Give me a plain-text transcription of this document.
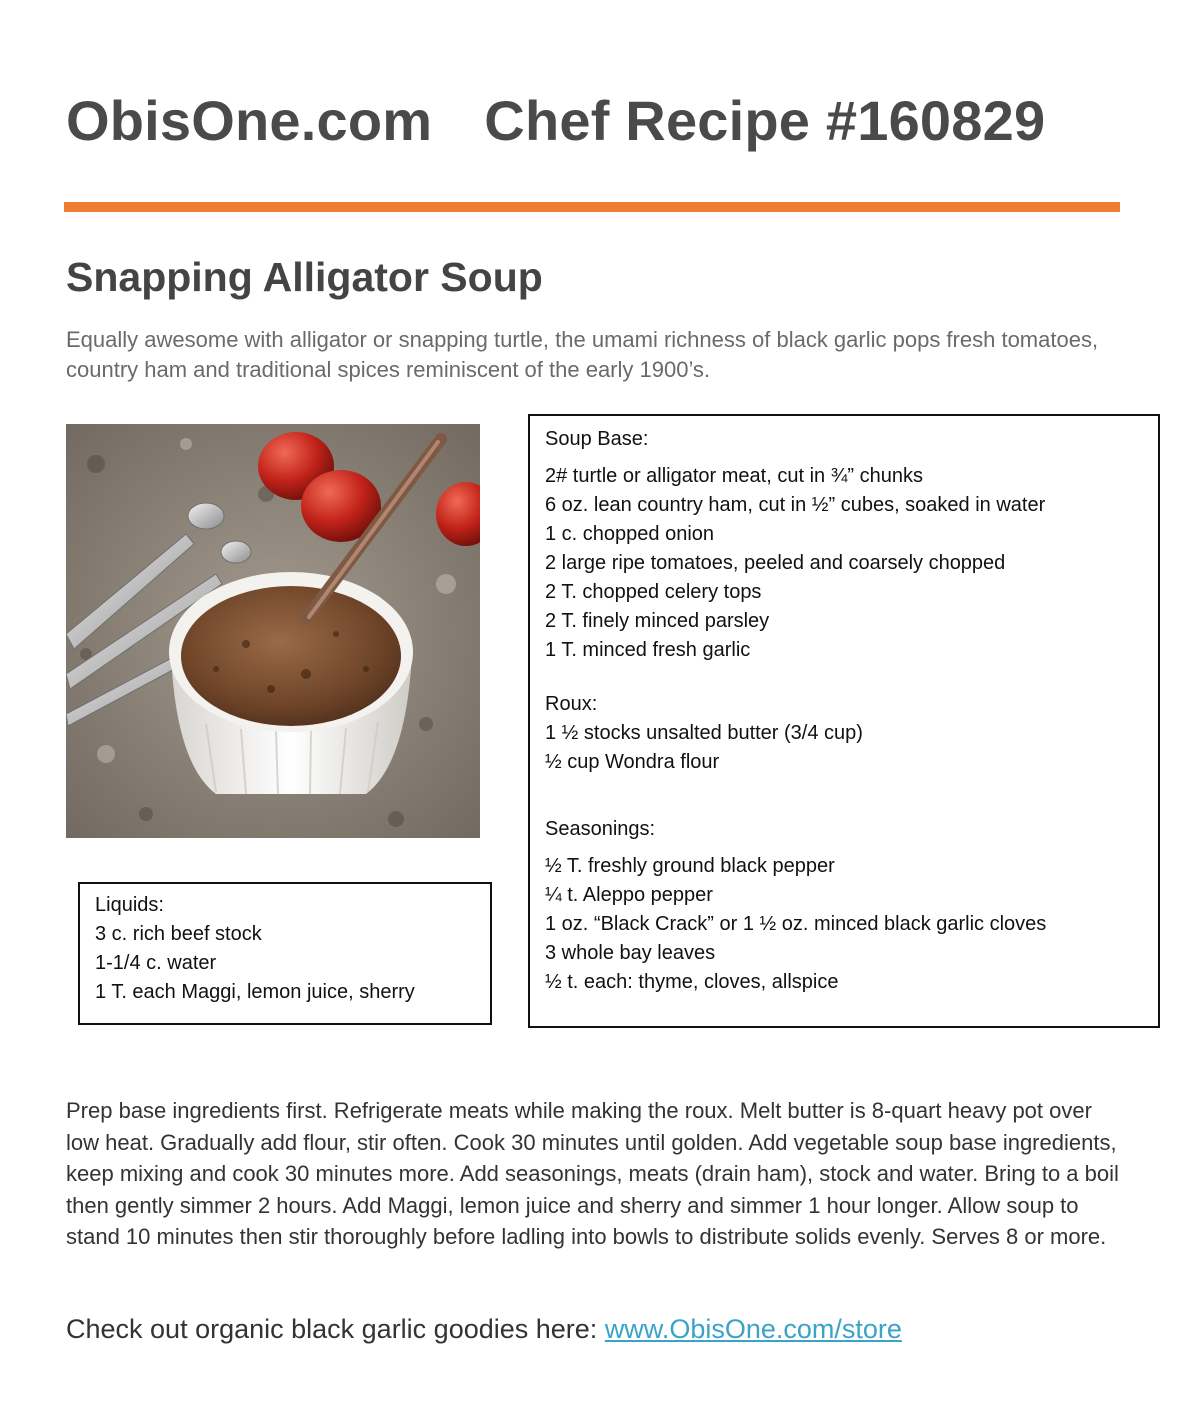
ObisOne.com Chef Recipe #160829
Snapping Alligator Soup
Equally awesome with alligator or snapping turtle, the umami richness of black garlic pops fresh tomatoes, country ham and traditional spices reminiscent of the early 1900’s.
Liquids:
3 c. rich beef stock
1-1/4 c. water
1 T. each Maggi, lemon juice, sherry
Soup Base:
2# turtle or alligator meat, cut in ¾” chunks
6 oz. lean country ham, cut in ½” cubes, soaked in water
1 c. chopped onion
2 large ripe tomatoes, peeled and coarsely chopped
2 T. chopped celery tops
2 T. finely minced parsley
1 T. minced fresh garlic
Roux:
1 ½ stocks unsalted butter (3/4 cup)
½ cup Wondra flour
Seasonings:
½ T. freshly ground black pepper
¼ t. Aleppo pepper
1 oz. “Black Crack” or 1 ½ oz. minced black garlic cloves
3 whole bay leaves
½ t. each: thyme, cloves, allspice
Prep base ingredients first. Refrigerate meats while making the roux. Melt butter is 8-quart heavy pot over low heat. Gradually add flour, stir often. Cook 30 minutes until golden. Add vegetable soup base ingredients, keep mixing and cook 30 minutes more. Add seasonings, meats (drain ham), stock and water. Bring to a boil then gently simmer 2 hours. Add Maggi, lemon juice and sherry and simmer 1 hour longer. Allow soup to stand 10 minutes then stir thoroughly before ladling into bowls to distribute solids evenly. Serves 8 or more.
Check out organic black garlic goodies here: www.ObisOne.com/store
